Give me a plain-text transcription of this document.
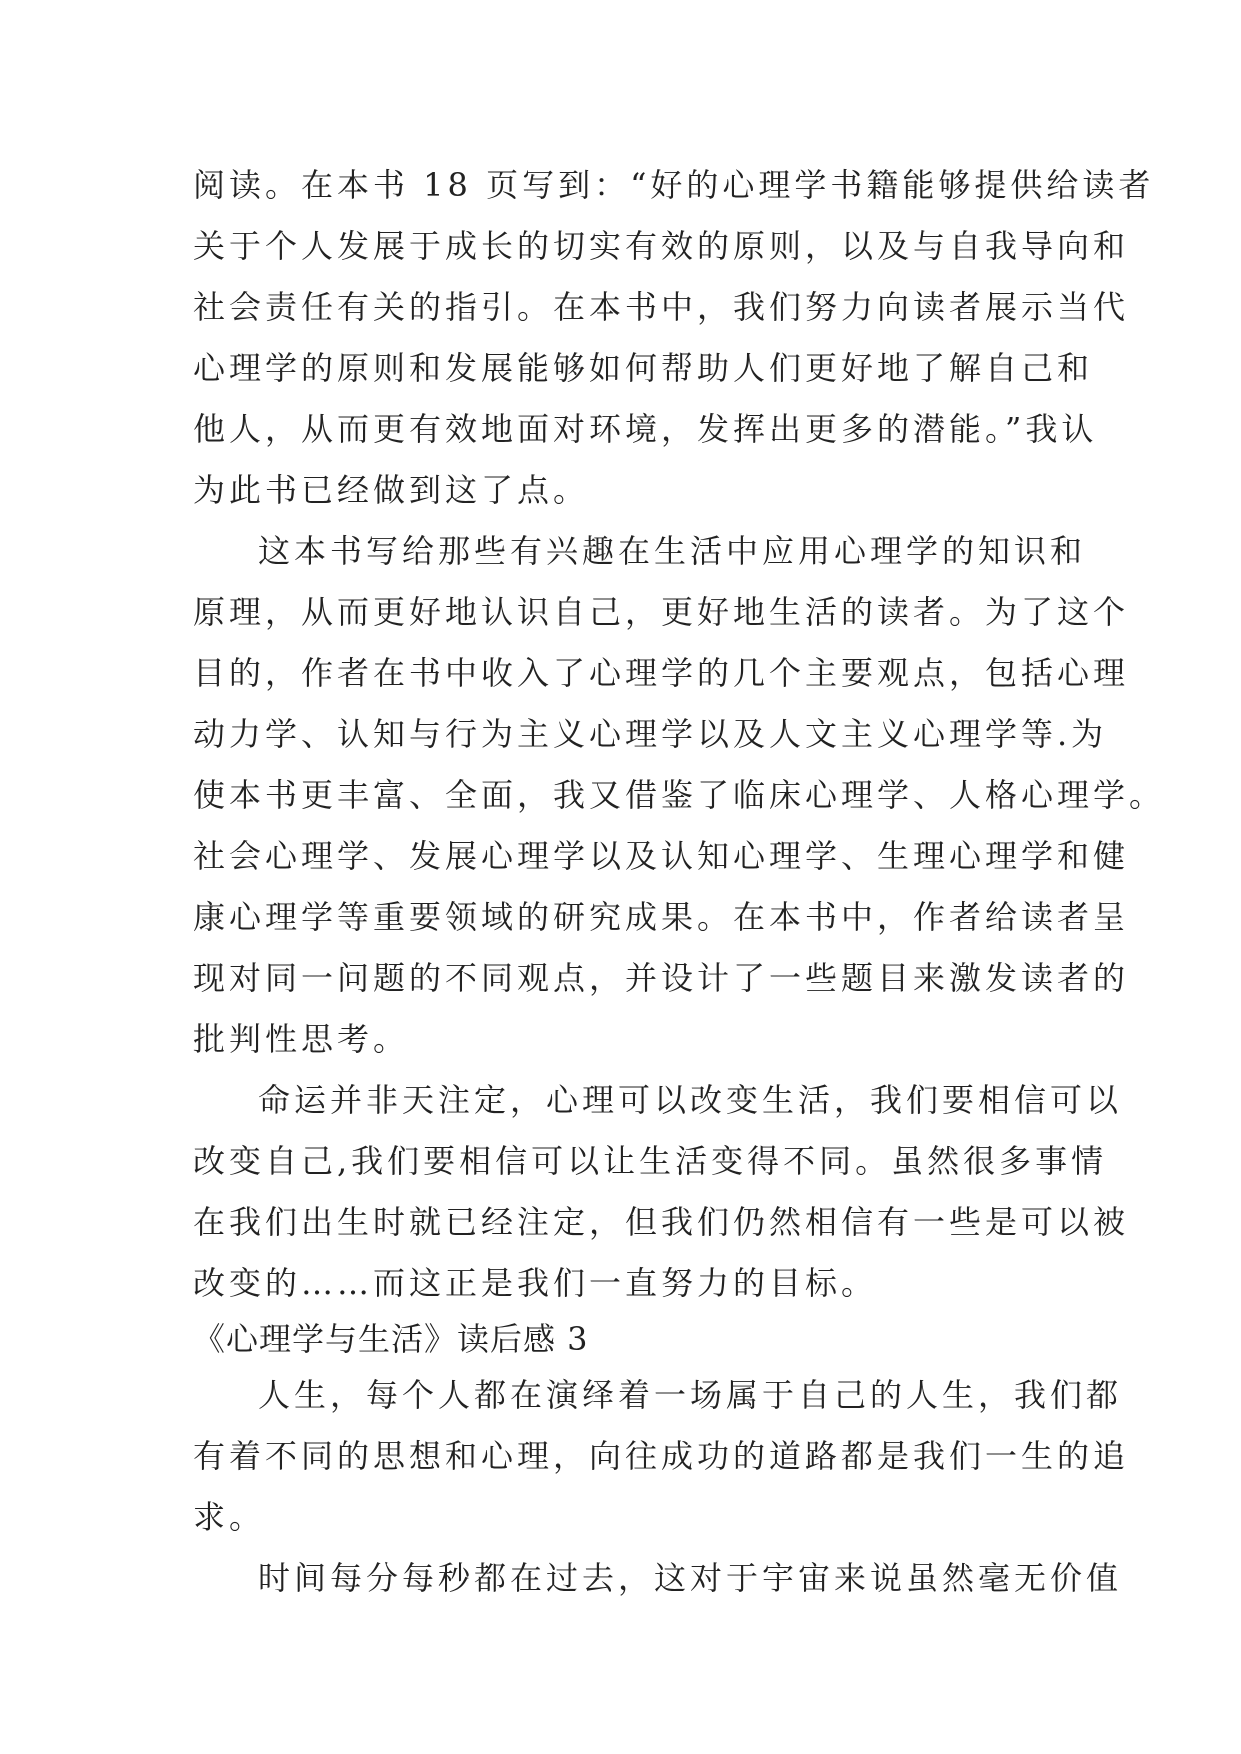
阅读。在本书 18 页写到：“好的心理学书籍能够提供给读者
关于个人发展于成长的切实有效的原则，以及与自我导向和
社会责任有关的指引。在本书中，我们努力向读者展示当代
心理学的原则和发展能够如何帮助人们更好地了解自己和
他人，从而更有效地面对环境，发挥出更多的潜能。”我认
为此书已经做到这了点。
这本书写给那些有兴趣在生活中应用心理学的知识和
原理，从而更好地认识自己，更好地生活的读者。为了这个
目的，作者在书中收入了心理学的几个主要观点，包括心理
动力学、认知与行为主义心理学以及人文主义心理学等.为
使本书更丰富、全面，我又借鉴了临床心理学、人格心理学。
社会心理学、发展心理学以及认知心理学、生理心理学和健
康心理学等重要领域的研究成果。在本书中，作者给读者呈
现对同一问题的不同观点，并设计了一些题目来激发读者的
批判性思考。
命运并非天注定，心理可以改变生活，我们要相信可以
改变自己,我们要相信可以让生活变得不同。虽然很多事情
在我们出生时就已经注定，但我们仍然相信有一些是可以被
改变的……而这正是我们一直努力的目标。
《心理学与生活》读后感 3
人生，每个人都在演绎着一场属于自己的人生，我们都
有着不同的思想和心理，向往成功的道路都是我们一生的追
求。
时间每分每秒都在过去，这对于宇宙来说虽然毫无价值
